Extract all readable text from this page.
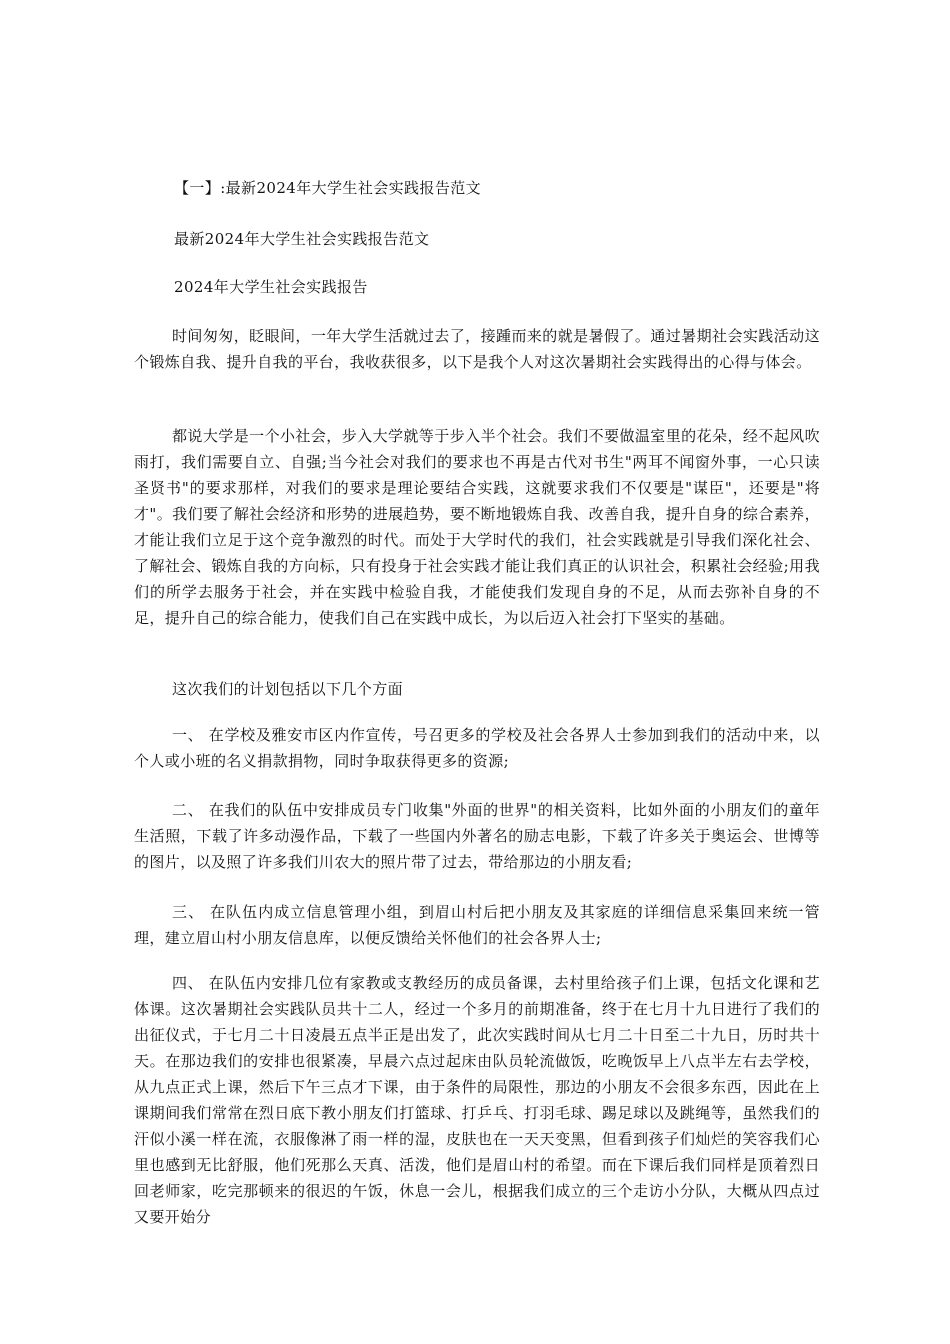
【一】:最新2024年大学生社会实践报告范文
最新2024年大学生社会实践报告范文
2024年大学生社会实践报告

时间匆匆，眨眼间，一年大学生活就过去了，接踵而来的就是暑假了。通过暑期社会实践活动这个锻炼自我、提升自我的平台，我收获很多，以下是我个人对这次暑期社会实践得出的心得与体会。

都说大学是一个小社会，步入大学就等于步入半个社会。我们不要做温室里的花朵，经不起风吹雨打，我们需要自立、自强;当今社会对我们的要求也不再是古代对书生"两耳不闻窗外事，一心只读圣贤书"的要求那样，对我们的要求是理论要结合实践，这就要求我们不仅要是"谋臣"，还要是"将才"。我们要了解社会经济和形势的进展趋势，要不断地锻炼自我、改善自我，提升自身的综合素养，才能让我们立足于这个竞争激烈的时代。而处于大学时代的我们，社会实践就是引导我们深化社会、了解社会、锻炼自我的方向标，只有投身于社会实践才能让我们真正的认识社会，积累社会经验;用我们的所学去服务于社会，并在实践中检验自我，才能使我们发现自身的不足，从而去弥补自身的不足，提升自己的综合能力，使我们自己在实践中成长，为以后迈入社会打下坚实的基础。

这次我们的计划包括以下几个方面

一、 在学校及雅安市区内作宣传，号召更多的学校及社会各界人士参加到我们的活动中来，以个人或小班的名义捐款捐物，同时争取获得更多的资源;

二、 在我们的队伍中安排成员专门收集"外面的世界"的相关资料，比如外面的小朋友们的童年生活照，下载了许多动漫作品，下载了一些国内外著名的励志电影，下载了许多关于奥运会、世博等的图片，以及照了许多我们川农大的照片带了过去，带给那边的小朋友看;

三、 在队伍内成立信息管理小组，到眉山村后把小朋友及其家庭的详细信息采集回来统一管理，建立眉山村小朋友信息库，以便反馈给关怀他们的社会各界人士;

四、 在队伍内安排几位有家教或支教经历的成员备课，去村里给孩子们上课，包括文化课和艺体课。这次暑期社会实践队员共十二人，经过一个多月的前期准备，终于在七月十九日进行了我们的出征仪式，于七月二十日凌晨五点半正是出发了，此次实践时间从七月二十日至二十九日，历时共十天。在那边我们的安排也很紧凑，早晨六点过起床由队员轮流做饭，吃晚饭早上八点半左右去学校，从九点正式上课，然后下午三点才下课，由于条件的局限性，那边的小朋友不会很多东西，因此在上课期间我们常常在烈日底下教小朋友们打篮球、打乒乓、打羽毛球、踢足球以及跳绳等，虽然我们的汗似小溪一样在流，衣服像淋了雨一样的湿，皮肤也在一天天变黑，但看到孩子们灿烂的笑容我们心里也感到无比舒服，他们死那么天真、活泼，他们是眉山村的希望。而在下课后我们同样是顶着烈日回老师家，吃完那顿来的很迟的午饭，休息一会儿，根据我们成立的三个走访小分队，大概从四点过又要开始分
